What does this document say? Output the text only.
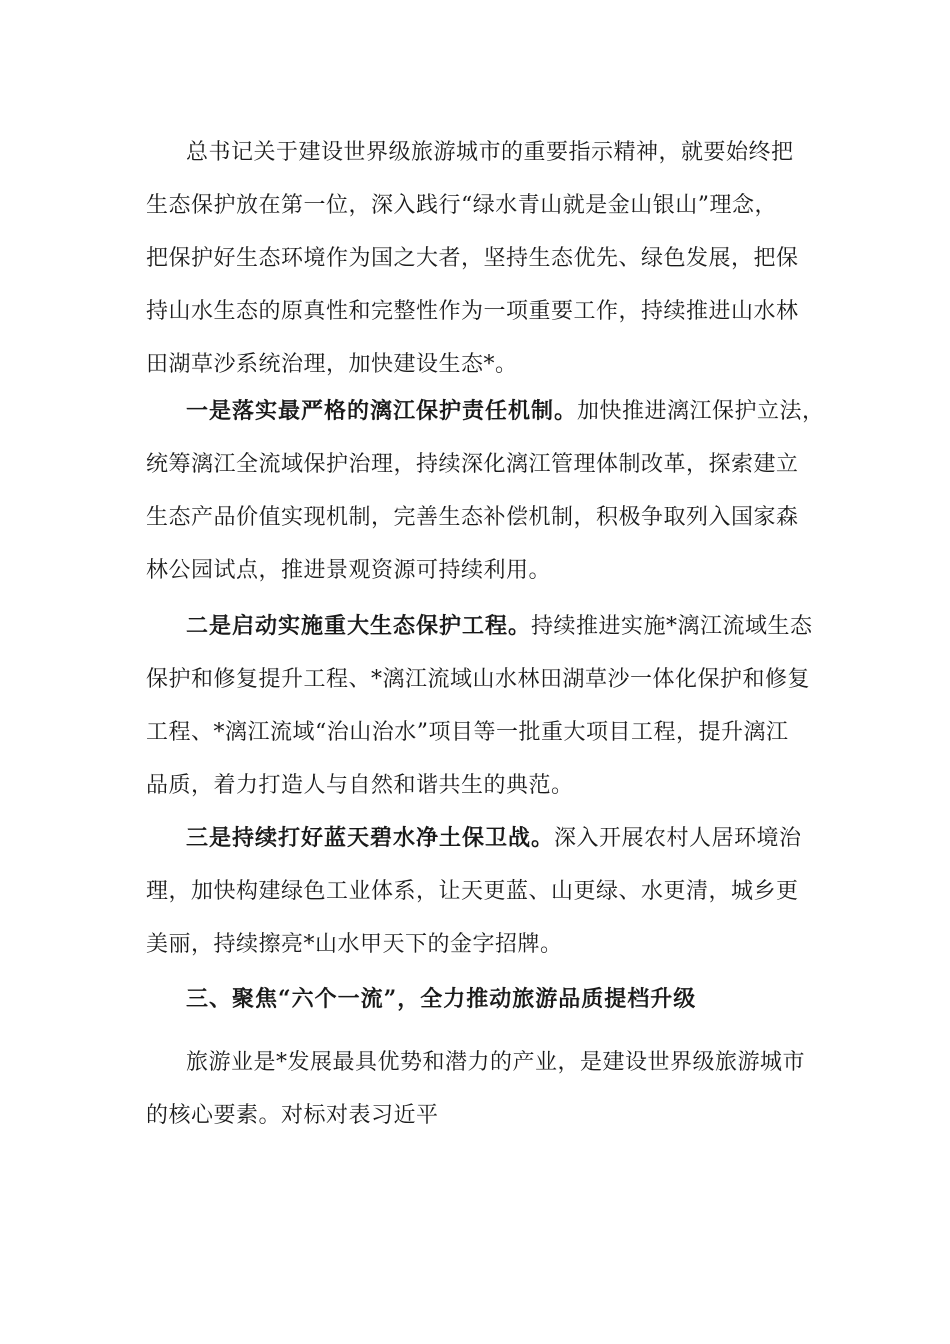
总书记关于建设世界级旅游城市的重要指示精神，就要始终把
生态保护放在第一位，深入践行“绿水青山就是金山银山”理念，
把保护好生态环境作为国之大者，坚持生态优先、绿色发展，把保
持山水生态的原真性和完整性作为一项重要工作，持续推进山水林
田湖草沙系统治理，加快建设生态*。
一是落实最严格的漓江保护责任机制。加快推进漓江保护立法，
统筹漓江全流域保护治理，持续深化漓江管理体制改革，探索建立
生态产品价值实现机制，完善生态补偿机制，积极争取列入国家森
林公园试点，推进景观资源可持续利用。
二是启动实施重大生态保护工程。持续推进实施*漓江流域生态
保护和修复提升工程、*漓江流域山水林田湖草沙一体化保护和修复
工程、*漓江流域“治山治水”项目等一批重大项目工程，提升漓江
品质，着力打造人与自然和谐共生的典范。
三是持续打好蓝天碧水净土保卫战。深入开展农村人居环境治
理，加快构建绿色工业体系，让天更蓝、山更绿、水更清，城乡更
美丽，持续擦亮*山水甲天下的金字招牌。
三、聚焦“六个一流”，全力推动旅游品质提档升级
旅游业是*发展最具优势和潜力的产业，是建设世界级旅游城市
的核心要素。对标对表习近平
